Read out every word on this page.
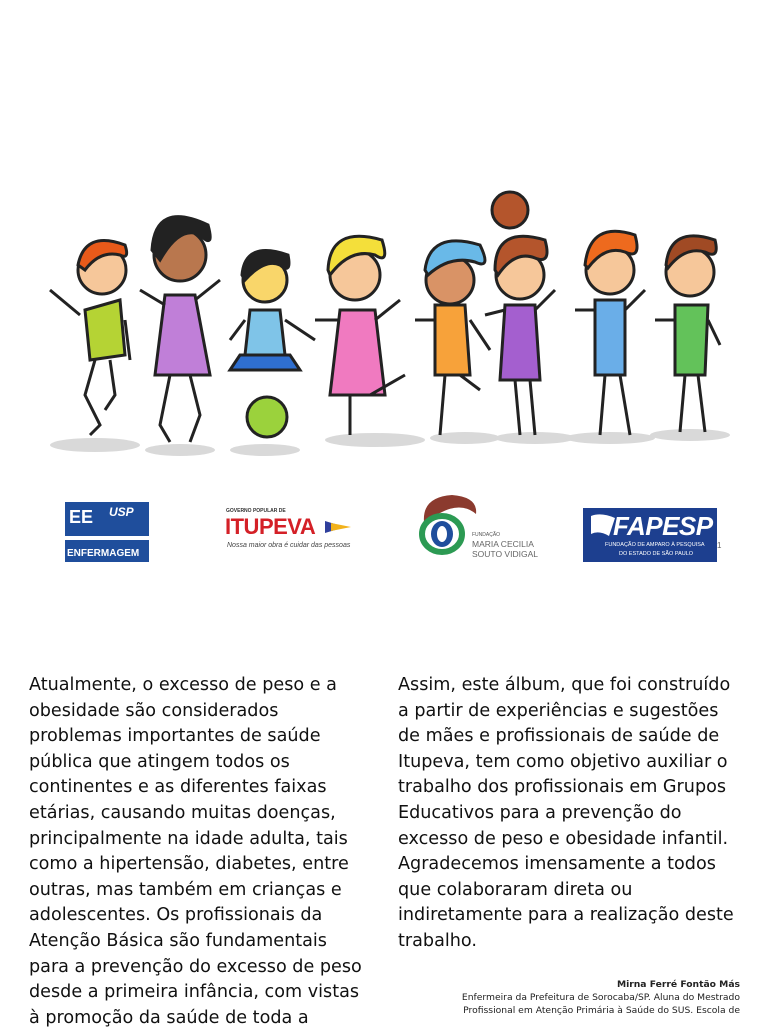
EE USP
ENFERMAGEM
GOVERNO POPULAR DE
ITUPEVA
Nossa maior obra é cuidar das pessoas
FUNDAÇÃO
MARIA CECILIA
SOUTO VIDIGAL
FAPESP
FUNDAÇÃO DE AMPARO À PESQUISA
DO ESTADO DE SÃO PAULO
1

Atualmente, o excesso de peso e a obesidade são considerados problemas importantes de saúde pública que atingem todos os continentes e as diferentes faixas etárias, causando muitas doenças, principalmente na idade adulta, tais como a hipertensão, diabetes, entre outras, mas também em crianças e adolescentes. Os profissionais da Atenção Básica são fundamentais para a prevenção do excesso de peso desde a primeira infância, com vistas à promoção da saúde de toda a

Assim, este álbum, que foi construído a partir de experiências e sugestões de mães e profissionais de saúde de Itupeva, tem como objetivo auxiliar o trabalho dos profissionais em Grupos Educativos para a prevenção do excesso de peso e obesidade infantil. Agradecemos imensamente a todos que colaboraram direta ou indiretamente para a realização deste trabalho.

Mirna Ferré Fontão Más
Enfermeira da Prefeitura de Sorocaba/SP. Aluna do Mestrado
Profissional em Atenção Primária à Saúde do SUS. Escola de
